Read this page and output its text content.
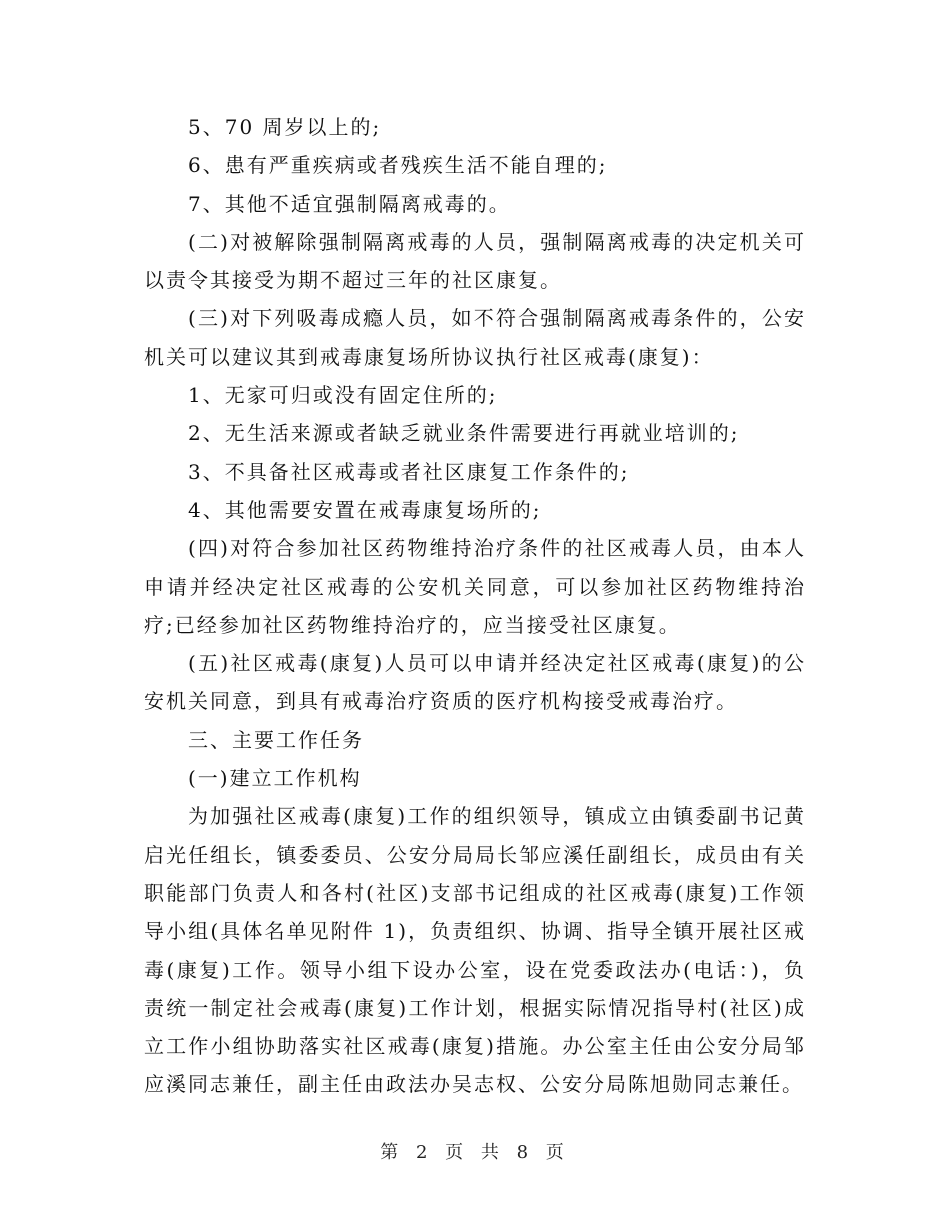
5、70 周岁以上的;

6、患有严重疾病或者残疾生活不能自理的;

7、其他不适宜强制隔离戒毒的。

(二)对被解除强制隔离戒毒的人员，强制隔离戒毒的决定机关可以责令其接受为期不超过三年的社区康复。

(三)对下列吸毒成瘾人员，如不符合强制隔离戒毒条件的，公安机关可以建议其到戒毒康复场所协议执行社区戒毒(康复)：

1、无家可归或没有固定住所的;

2、无生活来源或者缺乏就业条件需要进行再就业培训的;

3、不具备社区戒毒或者社区康复工作条件的;

4、其他需要安置在戒毒康复场所的;

(四)对符合参加社区药物维持治疗条件的社区戒毒人员，由本人申请并经决定社区戒毒的公安机关同意，可以参加社区药物维持治疗;已经参加社区药物维持治疗的，应当接受社区康复。

(五)社区戒毒(康复)人员可以申请并经决定社区戒毒(康复)的公安机关同意，到具有戒毒治疗资质的医疗机构接受戒毒治疗。

三、主要工作任务

(一)建立工作机构

为加强社区戒毒(康复)工作的组织领导，镇成立由镇委副书记黄启光任组长，镇委委员、公安分局局长邹应溪任副组长，成员由有关职能部门负责人和各村(社区)支部书记组成的社区戒毒(康复)工作领导小组(具体名单见附件 1)，负责组织、协调、指导全镇开展社区戒毒(康复)工作。领导小组下设办公室，设在党委政法办(电话：)，负责统一制定社会戒毒(康复)工作计划，根据实际情况指导村(社区)成立工作小组协助落实社区戒毒(康复)措施。办公室主任由公安分局邹应溪同志兼任，副主任由政法办吴志权、公安分局陈旭勋同志兼任。

第 2 页 共 8 页
